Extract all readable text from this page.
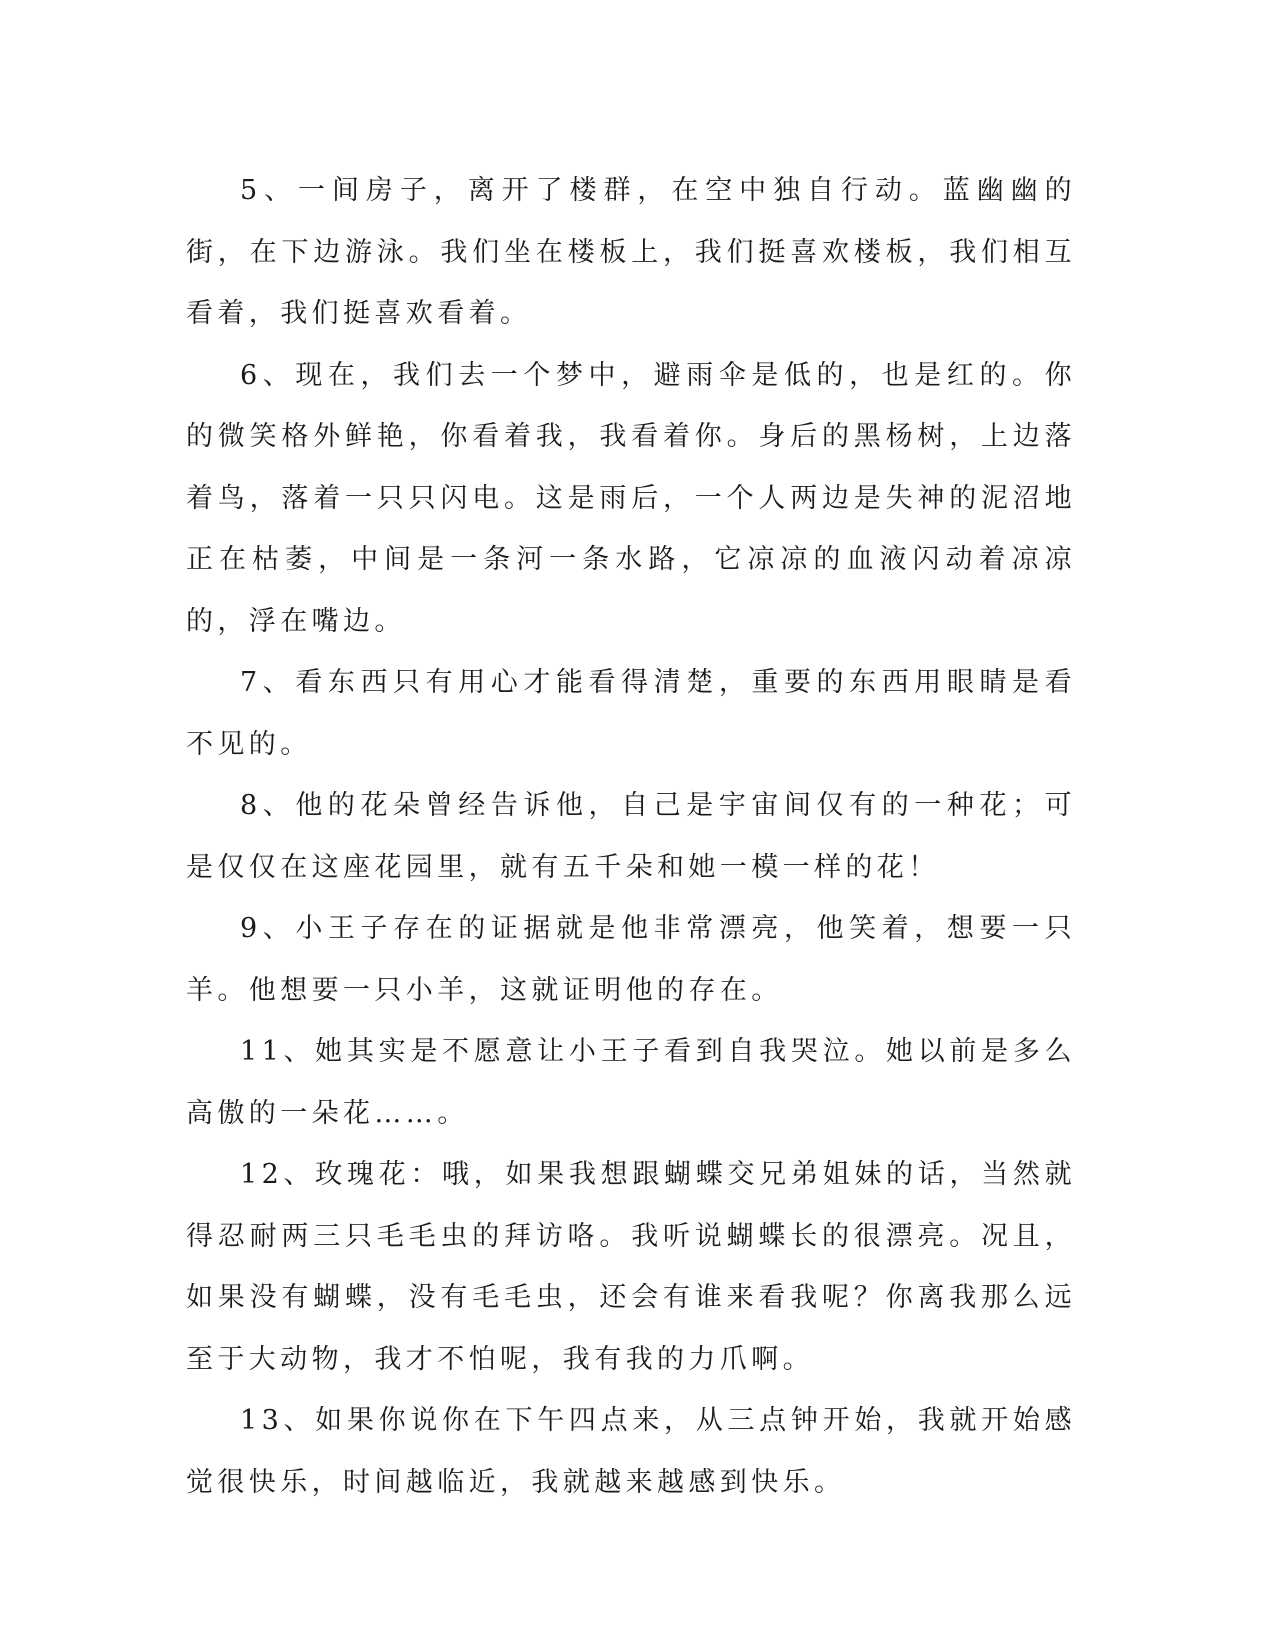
5、一间房子，离开了楼群，在空中独自行动。蓝幽幽的街，在下边游泳。我们坐在楼板上，我们挺喜欢楼板，我们相互看着，我们挺喜欢看着。

6、现在，我们去一个梦中，避雨伞是低的，也是红的。你的微笑格外鲜艳，你看着我，我看着你。身后的黑杨树，上边落着鸟，落着一只只闪电。这是雨后，一个人两边是失神的泥沼地正在枯萎，中间是一条河一条水路，它凉凉的血液闪动着凉凉的，浮在嘴边。

7、看东西只有用心才能看得清楚，重要的东西用眼睛是看不见的。

8、他的花朵曾经告诉他，自己是宇宙间仅有的一种花；可是仅仅在这座花园里，就有五千朵和她一模一样的花！

9、小王子存在的证据就是他非常漂亮，他笑着，想要一只羊。他想要一只小羊，这就证明他的存在。

11、她其实是不愿意让小王子看到自我哭泣。她以前是多么高傲的一朵花……。

12、玫瑰花：哦，如果我想跟蝴蝶交兄弟姐妹的话，当然就得忍耐两三只毛毛虫的拜访咯。我听说蝴蝶长的很漂亮。况且，如果没有蝴蝶，没有毛毛虫，还会有谁来看我呢？你离我那么远至于大动物，我才不怕呢，我有我的力爪啊。

13、如果你说你在下午四点来，从三点钟开始，我就开始感觉很快乐，时间越临近，我就越来越感到快乐。
